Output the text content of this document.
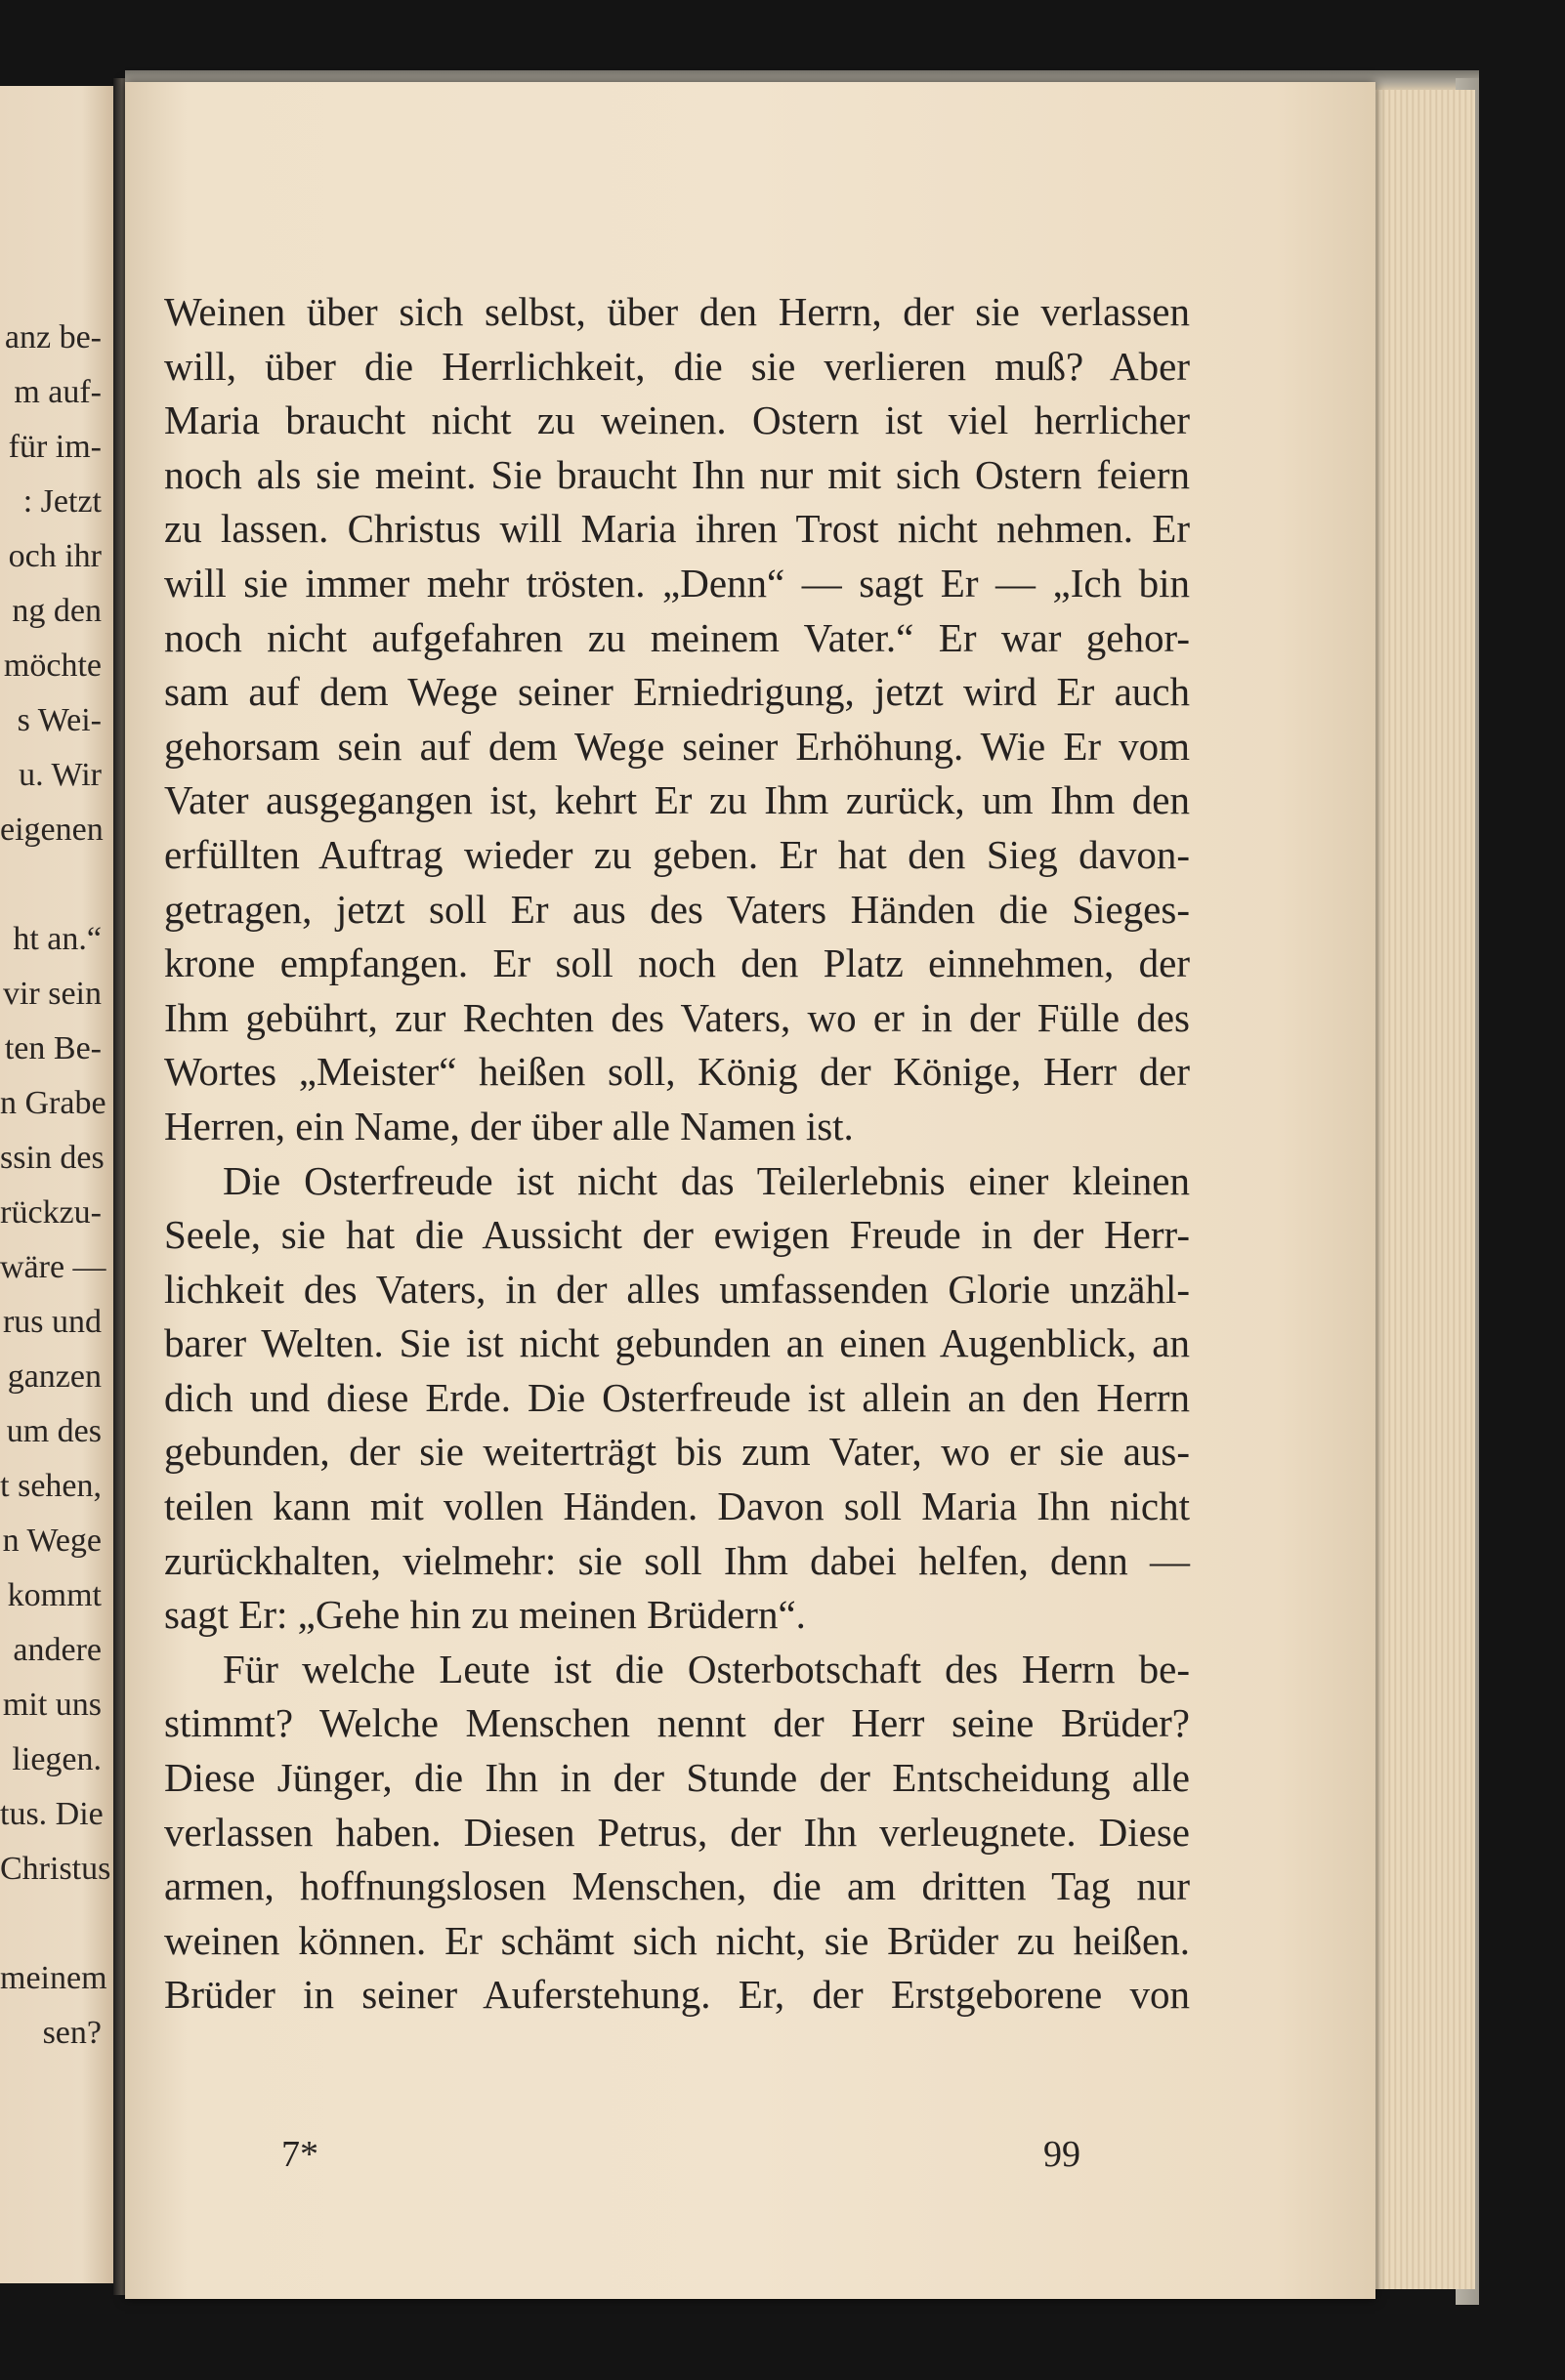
anz be-
m auf-
für im-
: Jetzt
och ihr
ng den
möchte
s Wei-
u. Wir
eigenen
ht an.“
vir sein
ten Be-
n Grabe
ssin des
rückzu-
wäre —
rus und
ganzen
um des
t sehen,
n Wege
kommt
andere
mit uns
liegen.
tus. Die
Christus
meinem
sen?
7*	99
Weinen über sich selbst, über den Herrn, der sie verlassen
will, über die Herrlichkeit, die sie verlieren muß? Aber
Maria braucht nicht zu weinen. Ostern ist viel herrlicher
noch als sie meint. Sie braucht Ihn nur mit sich Ostern feiern
zu lassen. Christus will Maria ihren Trost nicht nehmen. Er
will sie immer mehr trösten. „Denn“ — sagt Er — „Ich bin
noch nicht aufgefahren zu meinem Vater.“ Er war gehor-
sam auf dem Wege seiner Erniedrigung, jetzt wird Er auch
gehorsam sein auf dem Wege seiner Erhöhung. Wie Er vom
Vater ausgegangen ist, kehrt Er zu Ihm zurück, um Ihm den
erfüllten Auftrag wieder zu geben. Er hat den Sieg davon-
getragen, jetzt soll Er aus des Vaters Händen die Sieges-
krone empfangen. Er soll noch den Platz einnehmen, der
Ihm gebührt, zur Rechten des Vaters, wo er in der Fülle des
Wortes „Meister“ heißen soll, König der Könige, Herr der
Herren, ein Name, der über alle Namen ist.
Die Osterfreude ist nicht das Teilerlebnis einer kleinen
Seele, sie hat die Aussicht der ewigen Freude in der Herr-
lichkeit des Vaters, in der alles umfassenden Glorie unzähl-
barer Welten. Sie ist nicht gebunden an einen Augenblick, an
dich und diese Erde. Die Osterfreude ist allein an den Herrn
gebunden, der sie weiterträgt bis zum Vater, wo er sie aus-
teilen kann mit vollen Händen. Davon soll Maria Ihn nicht
zurückhalten, vielmehr: sie soll Ihm dabei helfen, denn —
sagt Er: „Gehe hin zu meinen Brüdern“.
Für welche Leute ist die Osterbotschaft des Herrn be-
stimmt? Welche Menschen nennt der Herr seine Brüder?
Diese Jünger, die Ihn in der Stunde der Entscheidung alle
verlassen haben. Diesen Petrus, der Ihn verleugnete. Diese
armen, hoffnungslosen Menschen, die am dritten Tag nur
weinen können. Er schämt sich nicht, sie Brüder zu heißen.
Brüder in seiner Auferstehung. Er, der Erstgeborene von
